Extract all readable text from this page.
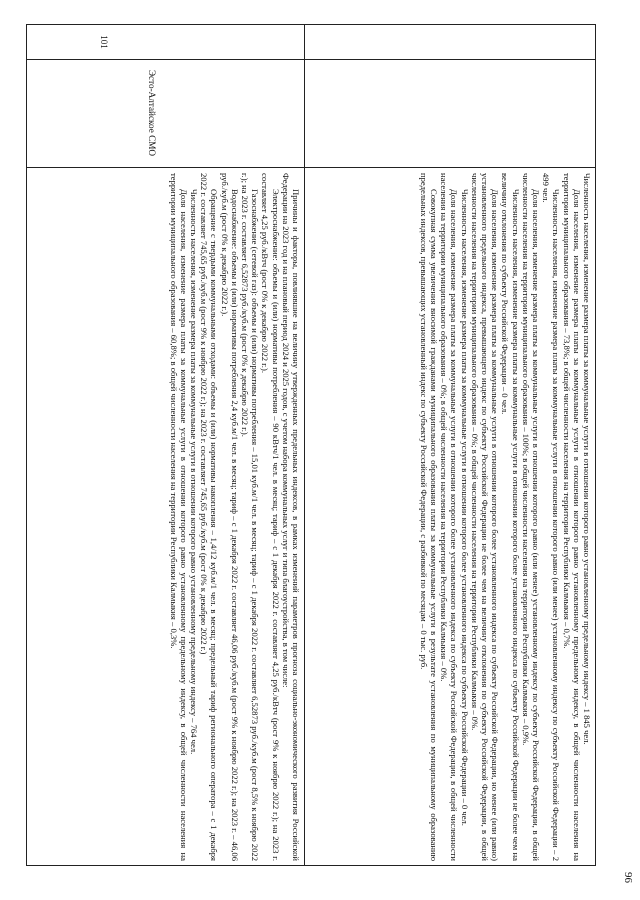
96

Численность населения, изменение размера платы за коммунальные услуги в отношении которого равно установленному предельному индексу – 1 845 чел.

Доля населения, изменение размера платы за коммунальные услуги в отношении которого равно установленному предельному индексу, в общей численности населения на территории муниципального образования – 73,8%; в общей численности населения на территории Республики Калмыкия – 0,7%.

Численность населения, изменение размера платы за коммунальные услуги в отношении которого равно (или менее) установленному индексу по субъекту Российской Федерации – 2 499 чел.

Доля населения, изменение размера платы за коммунальные услуги в отношении которого равно (или менее) установленному индексу по субъекту Российской Федерации, в общей численности населения на территории муниципального образования – 100%; в общей численности населения на территории Республики Калмыкия – 0,9%.

Численность населения, изменение размера платы за коммунальные услуги в отношении которого более установленного индекса по субъекту Российской Федерации не более чем на величину отклонения по субъекту Российской Федерации – 0 чел.

Доля населения, изменение размера платы за коммунальные услуги в отношении которого более установленного индекса по субъекту Российской Федерации, но менее (или равно) установленного предельного индекса, превышающего индекс по субъекту Российской Федерации не более чем на величину отклонения по субъекту Российской Федерации, в общей численности населения на территории муниципального образования – 0%; в общей численности населения на территории Республики Калмыкия – 0%.

Численность населения, изменение размера платы за коммунальные услуги в отношении которого более установленного индекса по субъекту Российской Федерации – 0 чел.

Доля населения, изменение размера платы за коммунальные услуги в отношении которого более установленного индекса по субъекту Российской Федерации, в общей численности населения на территории муниципального образования – 0%; в общей численности населения на территории Республики Калмыкия – 0%.

Совокупная сумма увеличения вносимой гражданами муниципального образования платы за коммунальные услуги в результате установления по муниципальному образованию предельных индексов, превышающих установленный индекс по субъекту Российской Федерации, с разбивкой по месяцам – 0 тыс. руб.

101
Эсто-Алтайское СМО

Причины и факторы, повлиявшие на величину утвержденных предельных индексов, в рамках изменений параметров прогноза социально-экономического развития Российской Федерации на 2023 год и на плановый период 2024 и 2025 годов, с учетом набора коммунальных услуг и типа благоустройства, в том числе:

Электроснабжение: объемы и (или) нормативы потребления – 90 кВтч/1 чел. в месяц; тариф – с 1 декабря 2022 г. составляет 4,25 руб./кВтч (рост 9% к ноябрю 2022 г.); на 2023 г. составляет 4,25 руб./кВтч (рост 0% к декабрю 2022 г.).

Газоснабжение (сетевой газ): объемы и (или) нормативы потребления – 15,01 куб.м/1 чел. в месяц; тариф – с 1 декабря 2022 г. составляет 6,52873 руб./куб.м (рост 8,5% к ноябрю 2022 г.); на 2023 г. составляет 6,52873 руб./куб.м (рост 0% к декабрю 2022 г.).

Водоснабжение: объемы и (или) нормативы потребления 2,4 куб.м/1 чел. в месяц; тариф – с 1 декабря 2022 г. составляет 46,06 руб./куб.м (рост 9% к ноябрю 2022 г.); на 2023 г. – 46,06 руб./куб.м (рост 0% к декабрю 2022 г.).

Обращение с твердыми коммунальными отходами: объемы и (или) нормативы накопления – 1,4/12 куб.м/1 чел. в месяц; предельный тариф регионального оператора – с 1 декабря 2022 г. составляет 745,65 руб./куб.м (рост 9% к ноябрю 2022 г.); на 2023 г. составляет 745,65 руб./куб.м (рост 0% к декабрю 2022 г.)

Численность населения, изменение размера платы за коммунальные услуги в отношении которого равно установленному предельному индексу – 764 чел.

Доля населения, изменение размера платы за коммунальные услуги в отношении которого равно установленному предельному индексу, в общей численности населения на территории муниципального образования – 60,8%; в общей численности населения на территории Республики Калмыкия – 0,3%.
